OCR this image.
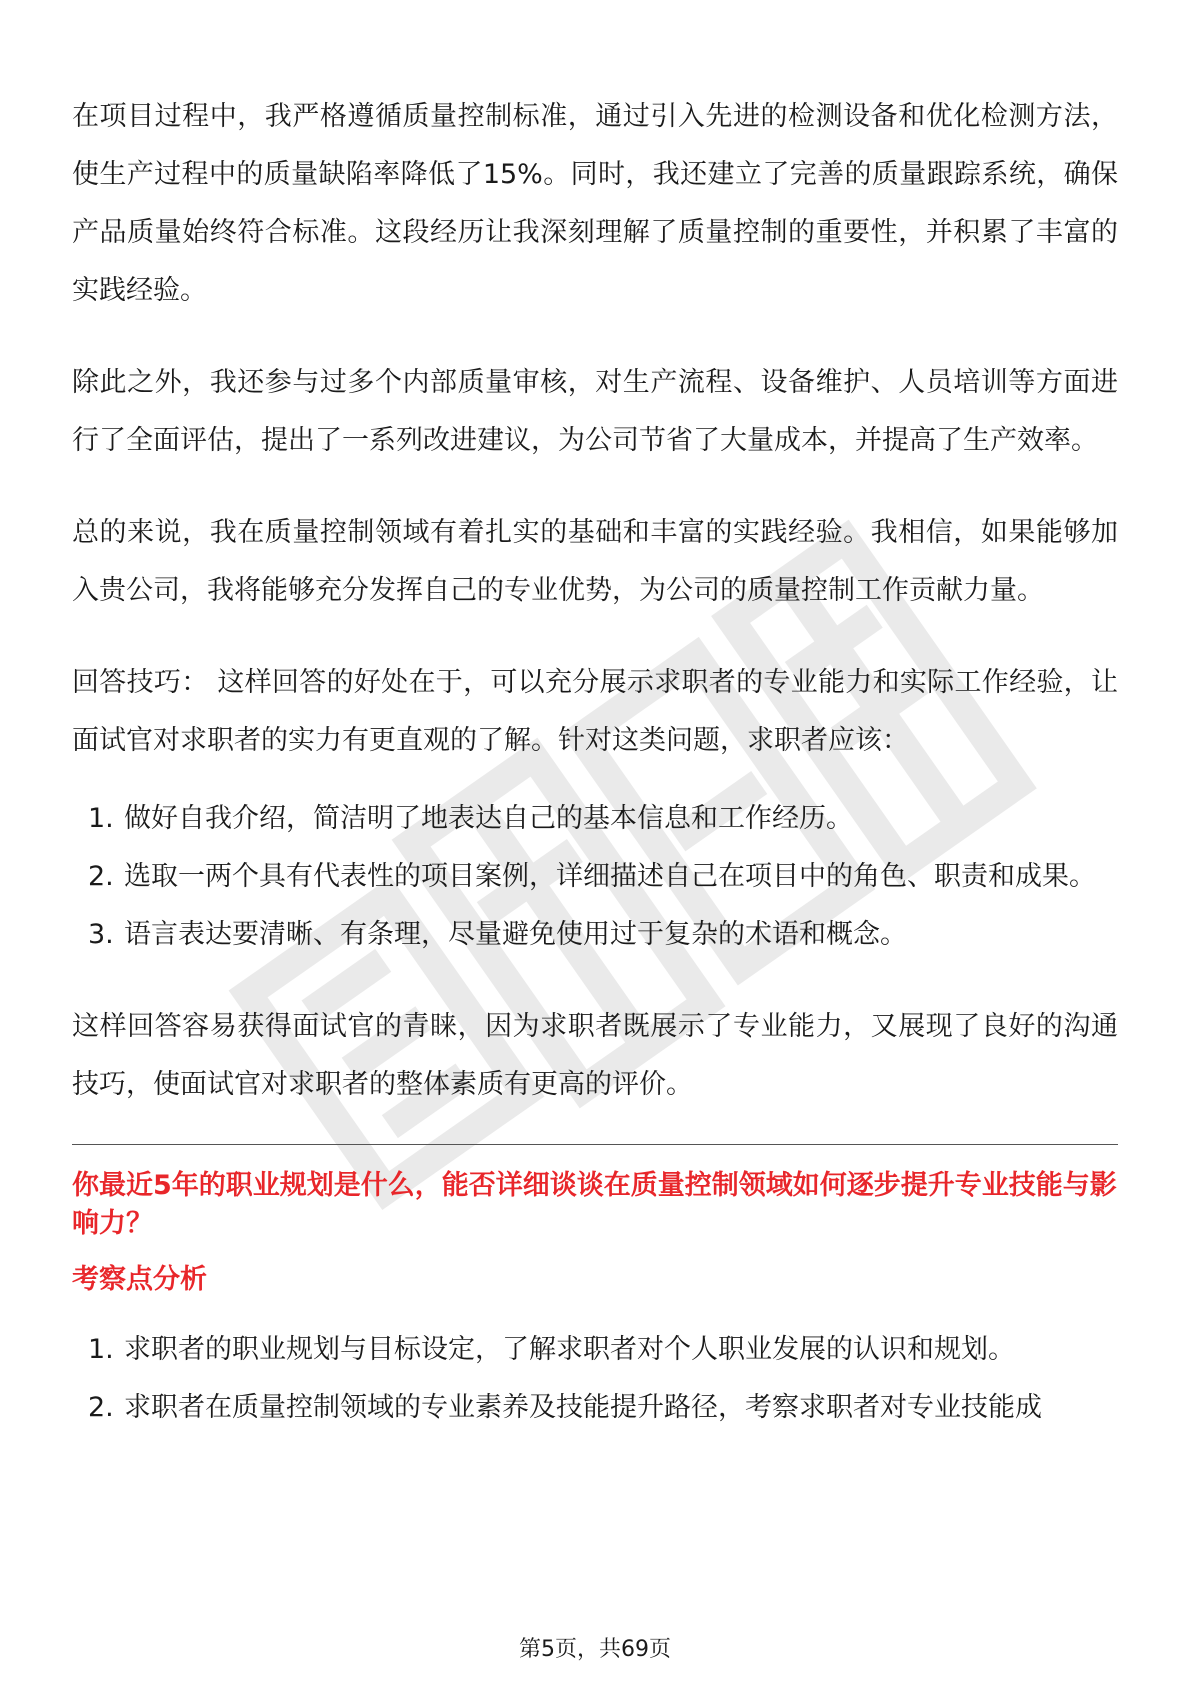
在项目过程中，我严格遵循质量控制标准，通过引入先进的检测设备和优化检测方法，使生产过程中的质量缺陷率降低了15%。同时，我还建立了完善的质量跟踪系统，确保产品质量始终符合标准。这段经历让我深刻理解了质量控制的重要性，并积累了丰富的实践经验。

除此之外，我还参与过多个内部质量审核，对生产流程、设备维护、人员培训等方面进行了全面评估，提出了一系列改进建议，为公司节省了大量成本，并提高了生产效率。

总的来说，我在质量控制领域有着扎实的基础和丰富的实践经验。我相信，如果能够加入贵公司，我将能够充分发挥自己的专业优势，为公司的质量控制工作贡献力量。

回答技巧： 这样回答的好处在于，可以充分展示求职者的专业能力和实际工作经验，让面试官对求职者的实力有更直观的了解。针对这类问题，求职者应该：

1. 做好自我介绍，简洁明了地表达自己的基本信息和工作经历。
2. 选取一两个具有代表性的项目案例，详细描述自己在项目中的角色、职责和成果。
3. 语言表达要清晰、有条理，尽量避免使用过于复杂的术语和概念。

这样回答容易获得面试官的青睐，因为求职者既展示了专业能力，又展现了良好的沟通技巧，使面试官对求职者的整体素质有更高的评价。

你最近5年的职业规划是什么，能否详细谈谈在质量控制领域如何逐步提升专业技能与影响力？
考察点分析
1. 求职者的职业规划与目标设定，了解求职者对个人职业发展的认识和规划。
2. 求职者在质量控制领域的专业素养及技能提升路径，考察求职者对专业技能成
第5页，共69页
